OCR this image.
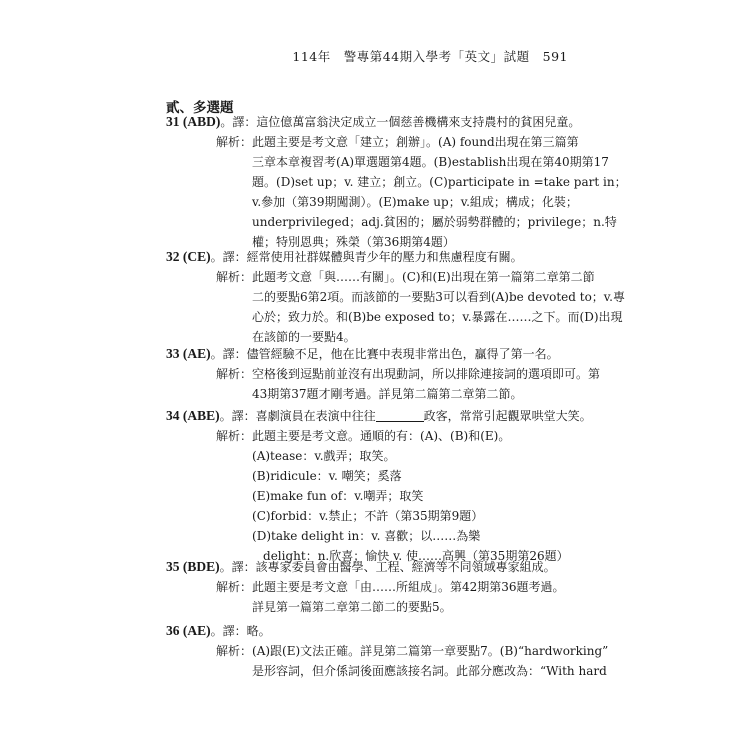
114年　警專第44期入學考「英文」試題　591
貳、多選題
31 (ABD)。譯：這位億萬富翁決定成立一個慈善機構來支持農村的貧困兒童。
解析： 此題主要是考文意「建立；創辦」。(A) found出現在第三篇第
三章本章複習考(A)單選題第4題。(B)establish出現在第40期第17
題。(D)set up；v. 建立；創立。(C)participate in =take part in；
v.參加（第39期闖測）。(E)make up；v.組成；構成；化裝；
underprivileged；adj.貧困的；屬於弱勢群體的；privilege；n.特
權；特別恩典；殊榮（第36期第4題）
32 (CE)。譯：經常使用社群媒體與青少年的壓力和焦慮程度有關。
解析： 此題考文意「與……有關」。(C)和(E)出現在第一篇第二章第二節
二的要點6第2項。而該節的一要點3可以看到(A)be devoted to；v.專
心於；致力於。和(B)be exposed to；v.暴露在……之下。而(D)出現
在該節的一要點4。
33 (AE)。譯：儘管經驗不足，他在比賽中表現非常出色，贏得了第一名。
解析： 空格後到逗點前並沒有出現動詞，所以排除連接詞的選項即可。第
43期第37題才剛考過。詳見第二篇第二章第二節。
34 (ABE)。譯：喜劇演員在表演中往往	政客，常常引起觀眾哄堂大笑。
解析： 此題主要是考文意。通順的有：(A)、(B)和(E)。
(A)tease：v.戲弄；取笑。
(B)ridicule：v. 嘲笑；奚落
(E)make fun of：v.嘲弄；取笑
(C)forbid：v.禁止；不許（第35期第9題）
(D)take delight in：v. 喜歡；以……為樂
delight：n.欣喜；愉快 v. 使……高興（第35期第26題）
35 (BDE)。譯：該專家委員會由醫學、工程、經濟等不同領域專家組成。
解析： 此題主要是考文意「由……所組成」。第42期第36題考過。
詳見第一篇第二章第二節二的要點5。
36 (AE)。譯：略。
解析： (A)跟(E)文法正確。詳見第二篇第一章要點7。(B)“hardworking”
是形容詞，但介係詞後面應該接名詞。此部分應改為：“With hard
